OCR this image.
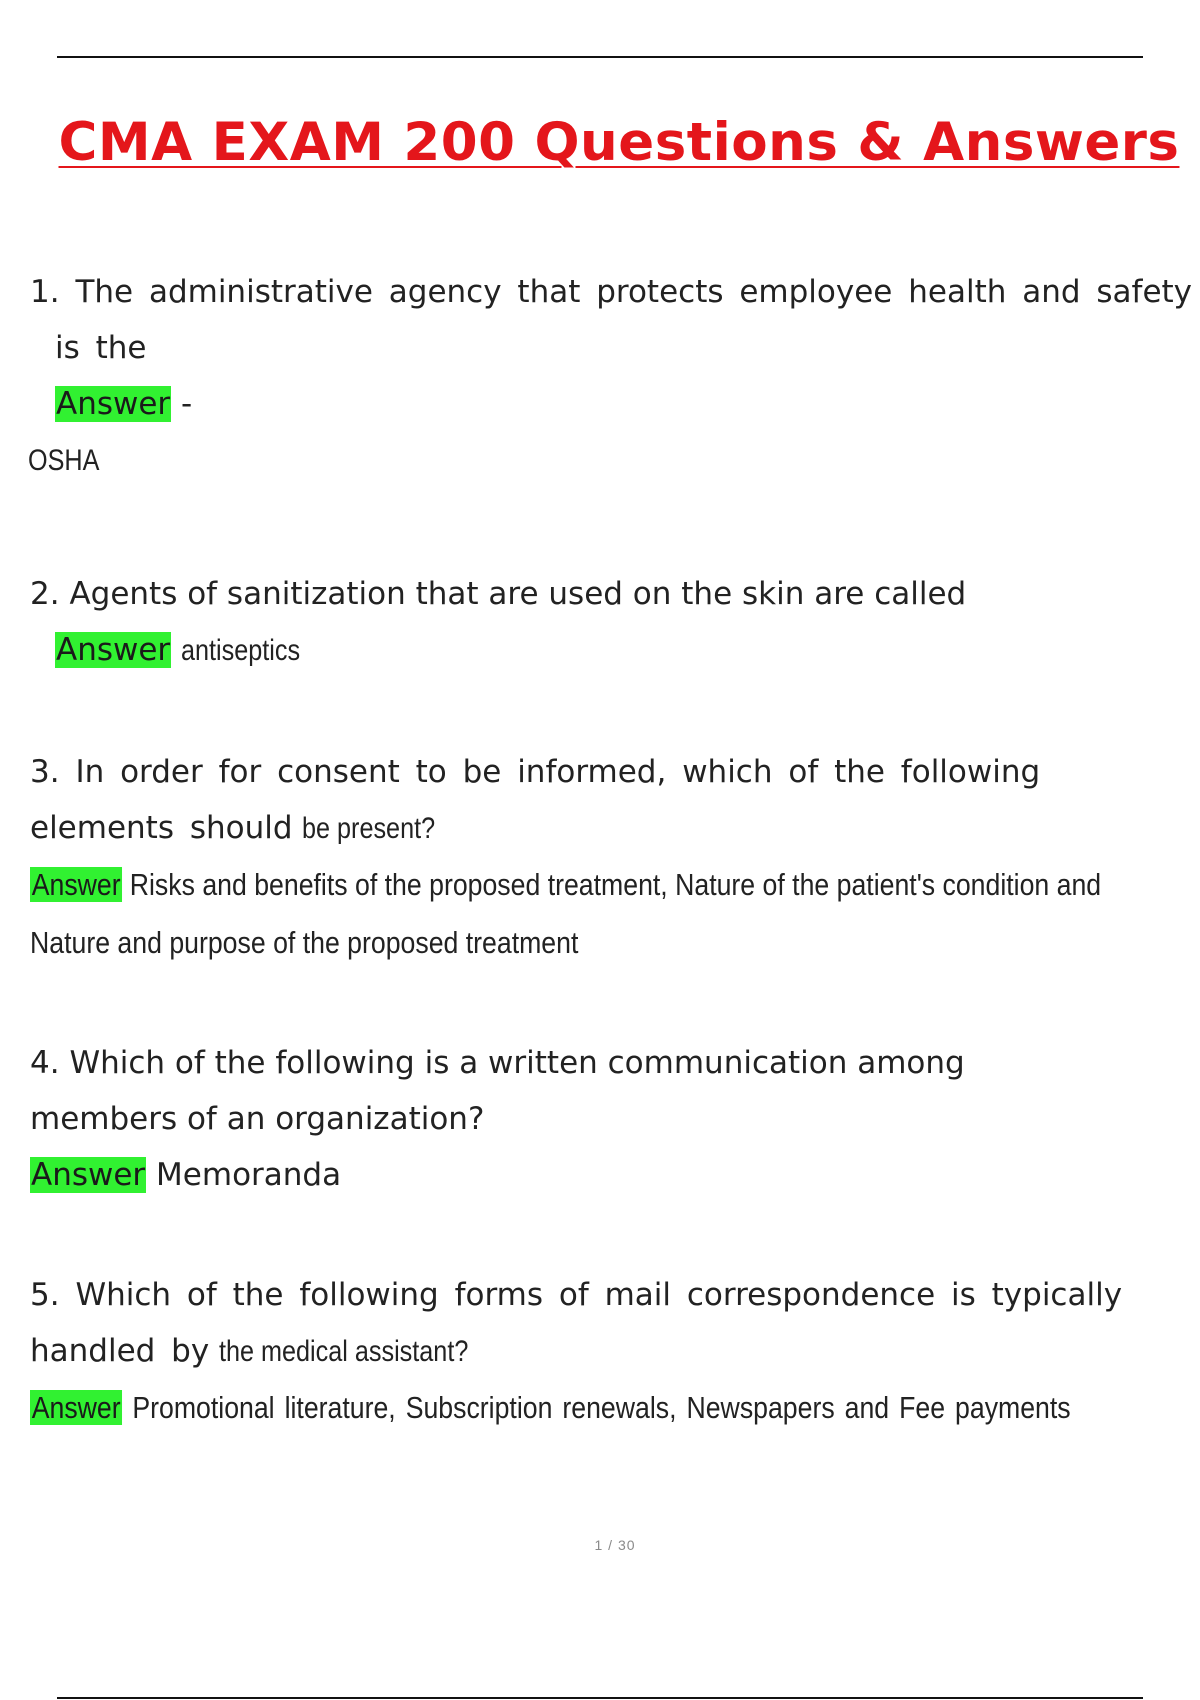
CMA EXAM 200 Questions & Answers
1. The administrative agency that protects employee health and safety
is the
Answer -
OSHA
2. Agents of sanitization that are used on the skin are called
Answer antiseptics
3. In order for consent to be informed, which of the following
elements should be present?
Answer Risks and benefits of the proposed treatment, Nature of the patient's condition and
Nature and purpose of the proposed treatment
4. Which of the following is a written communication among
members of an organization?
Answer Memoranda
5. Which of the following forms of mail correspondence is typically
handled by the medical assistant?
Answer Promotional literature, Subscription renewals, Newspapers and Fee payments
1 / 30
